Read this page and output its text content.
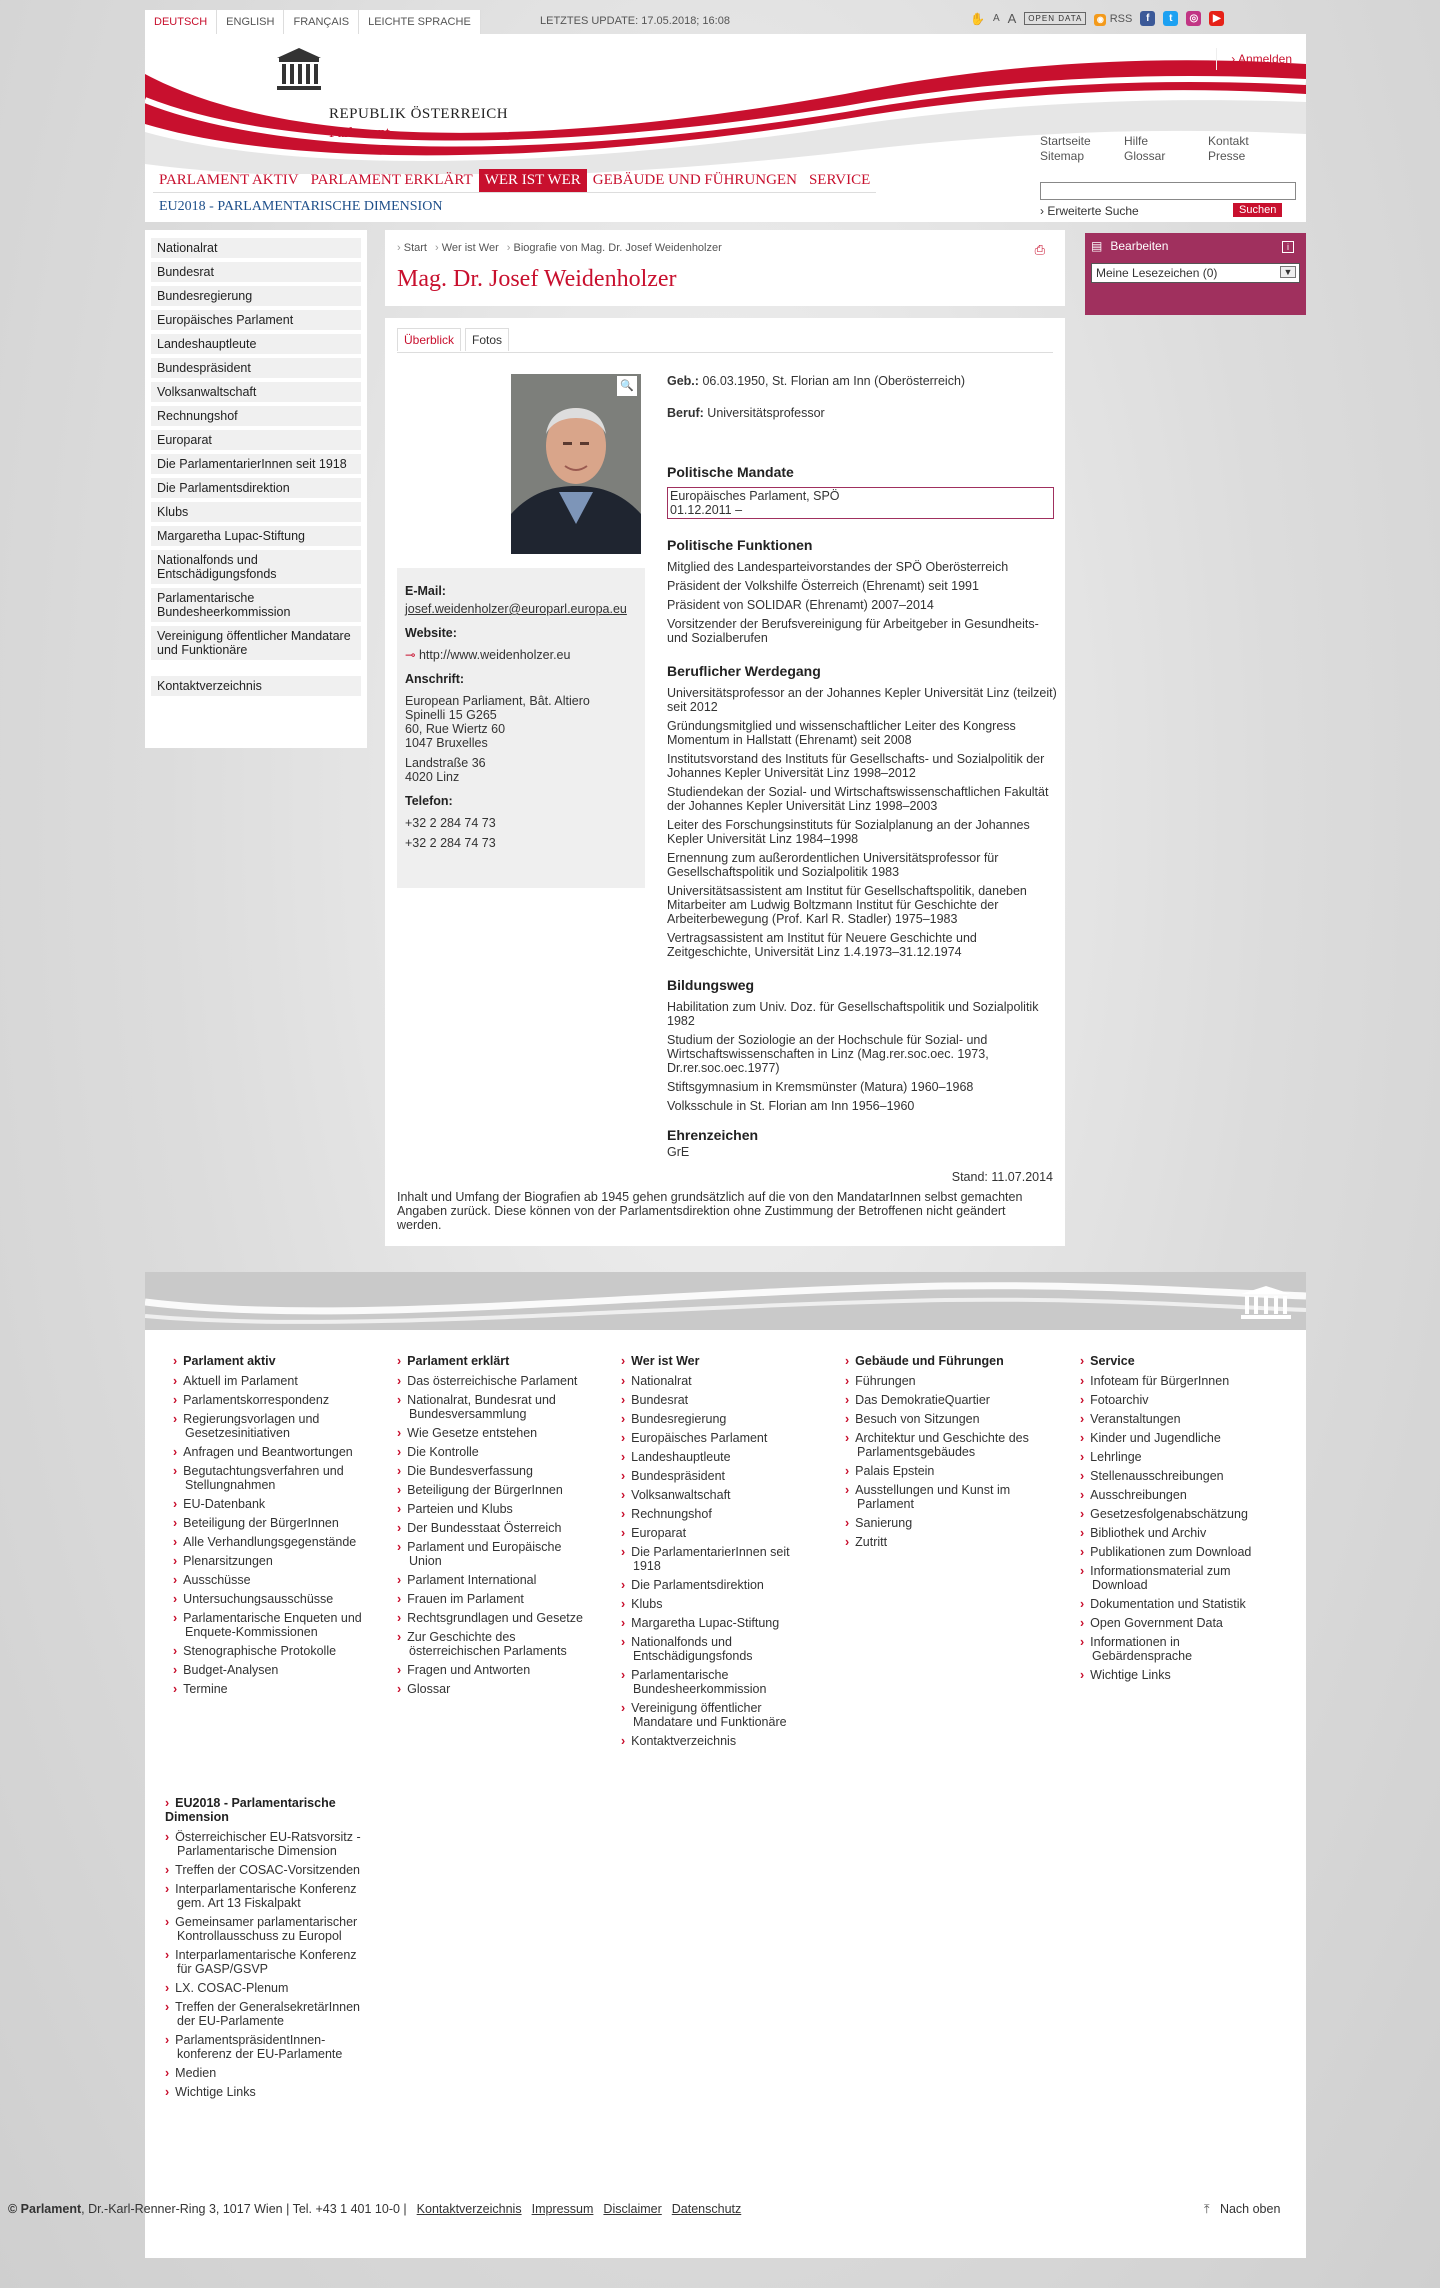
DEUTSCH	ENGLISH	FRANÇAIS	LEICHTE SPRACHE	LETZTES UPDATE: 17.05.2018; 16:08	✋ A A	OPEN DATA	◉ RSS	f	t	◎	▶
REPUBLIK ÖSTERREICH
Parlament
› Anmelden
Startseite
Sitemap
Hilfe
Glossar
Kontakt
Presse
PARLAMENT AKTIV PARLAMENT ERKLÄRT WER IST WER GEBÄUDE UND FÜHRUNGEN SERVICE
EU2018 - PARLAMENTARISCHE DIMENSION	› Erweiterte Suche	Suchen
Nationalrat
Bundesrat
Bundesregierung
Europäisches Parlament
Landeshauptleute
Bundespräsident
Volksanwaltschaft
Rechnungshof
Europarat
Die ParlamentarierInnen seit 1918
Die Parlamentsdirektion
Klubs
Margaretha Lupac-Stiftung
Nationalfonds und Entschädigungsfonds
Parlamentarische Bundesheerkommission
Vereinigung öffentlicher Mandatare und Funktionäre
Kontaktverzeichnis
› Start	› Wer ist Wer	› Biografie von Mag. Dr. Josef Weidenholzer
Mag. Dr. Josef Weidenholzer
⎙	▤ Bearbeiten	i
Meine Lesezeichen (0) ▼
Überblick	Fotos
🔍
E-Mail:
josef.weidenholzer@europarl.europa.eu
Website:
⊸ http://www.weidenholzer.eu
Anschrift:
European Parliament, Bât. Altiero
Spinelli 15 G265
60, Rue Wiertz 60
1047 Bruxelles
Landstraße 36
4020 Linz
Telefon:
+32 2 284 74 73
+32 2 284 74 73
Geb.: 06.03.1950, St. Florian am Inn (Oberösterreich)
Beruf: Universitätsprofessor
Politische Mandate
Europäisches Parlament, SPÖ
01.12.2011 –
Politische Funktionen
Mitglied des Landesparteivorstandes der SPÖ Oberösterreich
Präsident der Volkshilfe Österreich (Ehrenamt) seit 1991
Präsident von SOLIDAR (Ehrenamt) 2007–2014
Vorsitzender der Berufsvereinigung für Arbeitgeber in Gesundheits- und Sozialberufen
Beruflicher Werdegang
Universitätsprofessor an der Johannes Kepler Universität Linz (teilzeit) seit 2012
Gründungsmitglied und wissenschaftlicher Leiter des Kongress Momentum in Hallstatt (Ehrenamt) seit 2008
Institutsvorstand des Instituts für Gesellschafts- und Sozialpolitik der Johannes Kepler Universität Linz 1998–2012
Studiendekan der Sozial- und Wirtschaftswissenschaftlichen Fakultät der Johannes Kepler Universität Linz 1998–2003
Leiter des Forschungsinstituts für Sozialplanung an der Johannes Kepler Universität Linz 1984–1998
Ernennung zum außerordentlichen Universitätsprofessor für Gesellschaftspolitik und Sozialpolitik 1983
Universitätsassistent am Institut für Gesellschaftspolitik, daneben Mitarbeiter am Ludwig Boltzmann Institut für Geschichte der Arbeiterbewegung (Prof. Karl R. Stadler) 1975–1983
Vertragsassistent am Institut für Neuere Geschichte und Zeitgeschichte, Universität Linz 1.4.1973–31.12.1974
Bildungsweg
Habilitation zum Univ. Doz. für Gesellschaftspolitik und Sozialpolitik 1982
Studium der Soziologie an der Hochschule für Sozial- und Wirtschaftswissenschaften in Linz (Mag.rer.soc.oec. 1973, Dr.rer.soc.oec.1977)
Stiftsgymnasium in Kremsmünster (Matura) 1960–1968
Volksschule in St. Florian am Inn 1956–1960
Ehrenzeichen
GrE
Stand: 11.07.2014
Inhalt und Umfang der Biografien ab 1945 gehen grundsätzlich auf die von den MandatarInnen selbst gemachten Angaben zurück. Diese können von der Parlamentsdirektion ohne Zustimmung der Betroffenen nicht geändert werden.
› Parlament aktiv
› Aktuell im Parlament
› Parlamentskorrespondenz
› Regierungsvorlagen und Gesetzesinitiativen
› Anfragen und Beantwortungen
› Begutachtungsverfahren und Stellungnahmen
› EU-Datenbank
› Beteiligung der BürgerInnen
› Alle Verhandlungsgegenstände
› Plenarsitzungen
› Ausschüsse
› Untersuchungsausschüsse
› Parlamentarische Enqueten und Enquete-Kommissionen
› Stenographische Protokolle
› Budget-Analysen
› Termine
› Parlament erklärt
› Das österreichische Parlament
› Nationalrat, Bundesrat und Bundesversammlung
› Wie Gesetze entstehen
› Die Kontrolle
› Die Bundesverfassung
› Beteiligung der BürgerInnen
› Parteien und Klubs
› Der Bundesstaat Österreich
› Parlament und Europäische Union
› Parlament International
› Frauen im Parlament
› Rechtsgrundlagen und Gesetze
› Zur Geschichte des österreichischen Parlaments
› Fragen und Antworten
› Glossar
› Wer ist Wer
› Nationalrat
› Bundesrat
› Bundesregierung
› Europäisches Parlament
› Landeshauptleute
› Bundespräsident
› Volksanwaltschaft
› Rechnungshof
› Europarat
› Die ParlamentarierInnen seit 1918
› Die Parlamentsdirektion
› Klubs
› Margaretha Lupac-Stiftung
› Nationalfonds und Entschädigungsfonds
› Parlamentarische Bundesheerkommission
› Vereinigung öffentlicher Mandatare und Funktionäre
› Kontaktverzeichnis
› Gebäude und Führungen
› Führungen
› Das DemokratieQuartier
› Besuch von Sitzungen
› Architektur und Geschichte des Parlamentsgebäudes
› Palais Epstein
› Ausstellungen und Kunst im Parlament
› Sanierung
› Zutritt
› Service
› Infoteam für BürgerInnen
› Fotoarchiv
› Veranstaltungen
› Kinder und Jugendliche
› Lehrlinge
› Stellenausschreibungen
› Ausschreibungen
› Gesetzesfolgenabschätzung
› Bibliothek und Archiv
› Publikationen zum Download
› Informationsmaterial zum Download
› Dokumentation und Statistik
› Open Government Data
› Informationen in Gebärdensprache
› Wichtige Links
› EU2018 - Parlamentarische Dimension
› Österreichischer EU-Ratsvorsitz - Parlamentarische Dimension
› Treffen der COSAC-Vorsitzenden
› Interparlamentarische Konferenz gem. Art 13 Fiskalpakt
› Gemeinsamer parlamentarischer Kontrollausschuss zu Europol
› Interparlamentarische Konferenz für GASP/GSVP
› LX. COSAC-Plenum
› Treffen der GeneralsekretärInnen der EU-Parlamente
› ParlamentspräsidentInnen-konferenz der EU-Parlamente
› Medien
› Wichtige Links
© Parlament , Dr.-Karl-Renner-Ring 3, 1017 Wien | Tel. +43 1 401 10-0 | Kontaktverzeichnis Impressum Disclaimer Datenschutz	⤒ Nach oben
